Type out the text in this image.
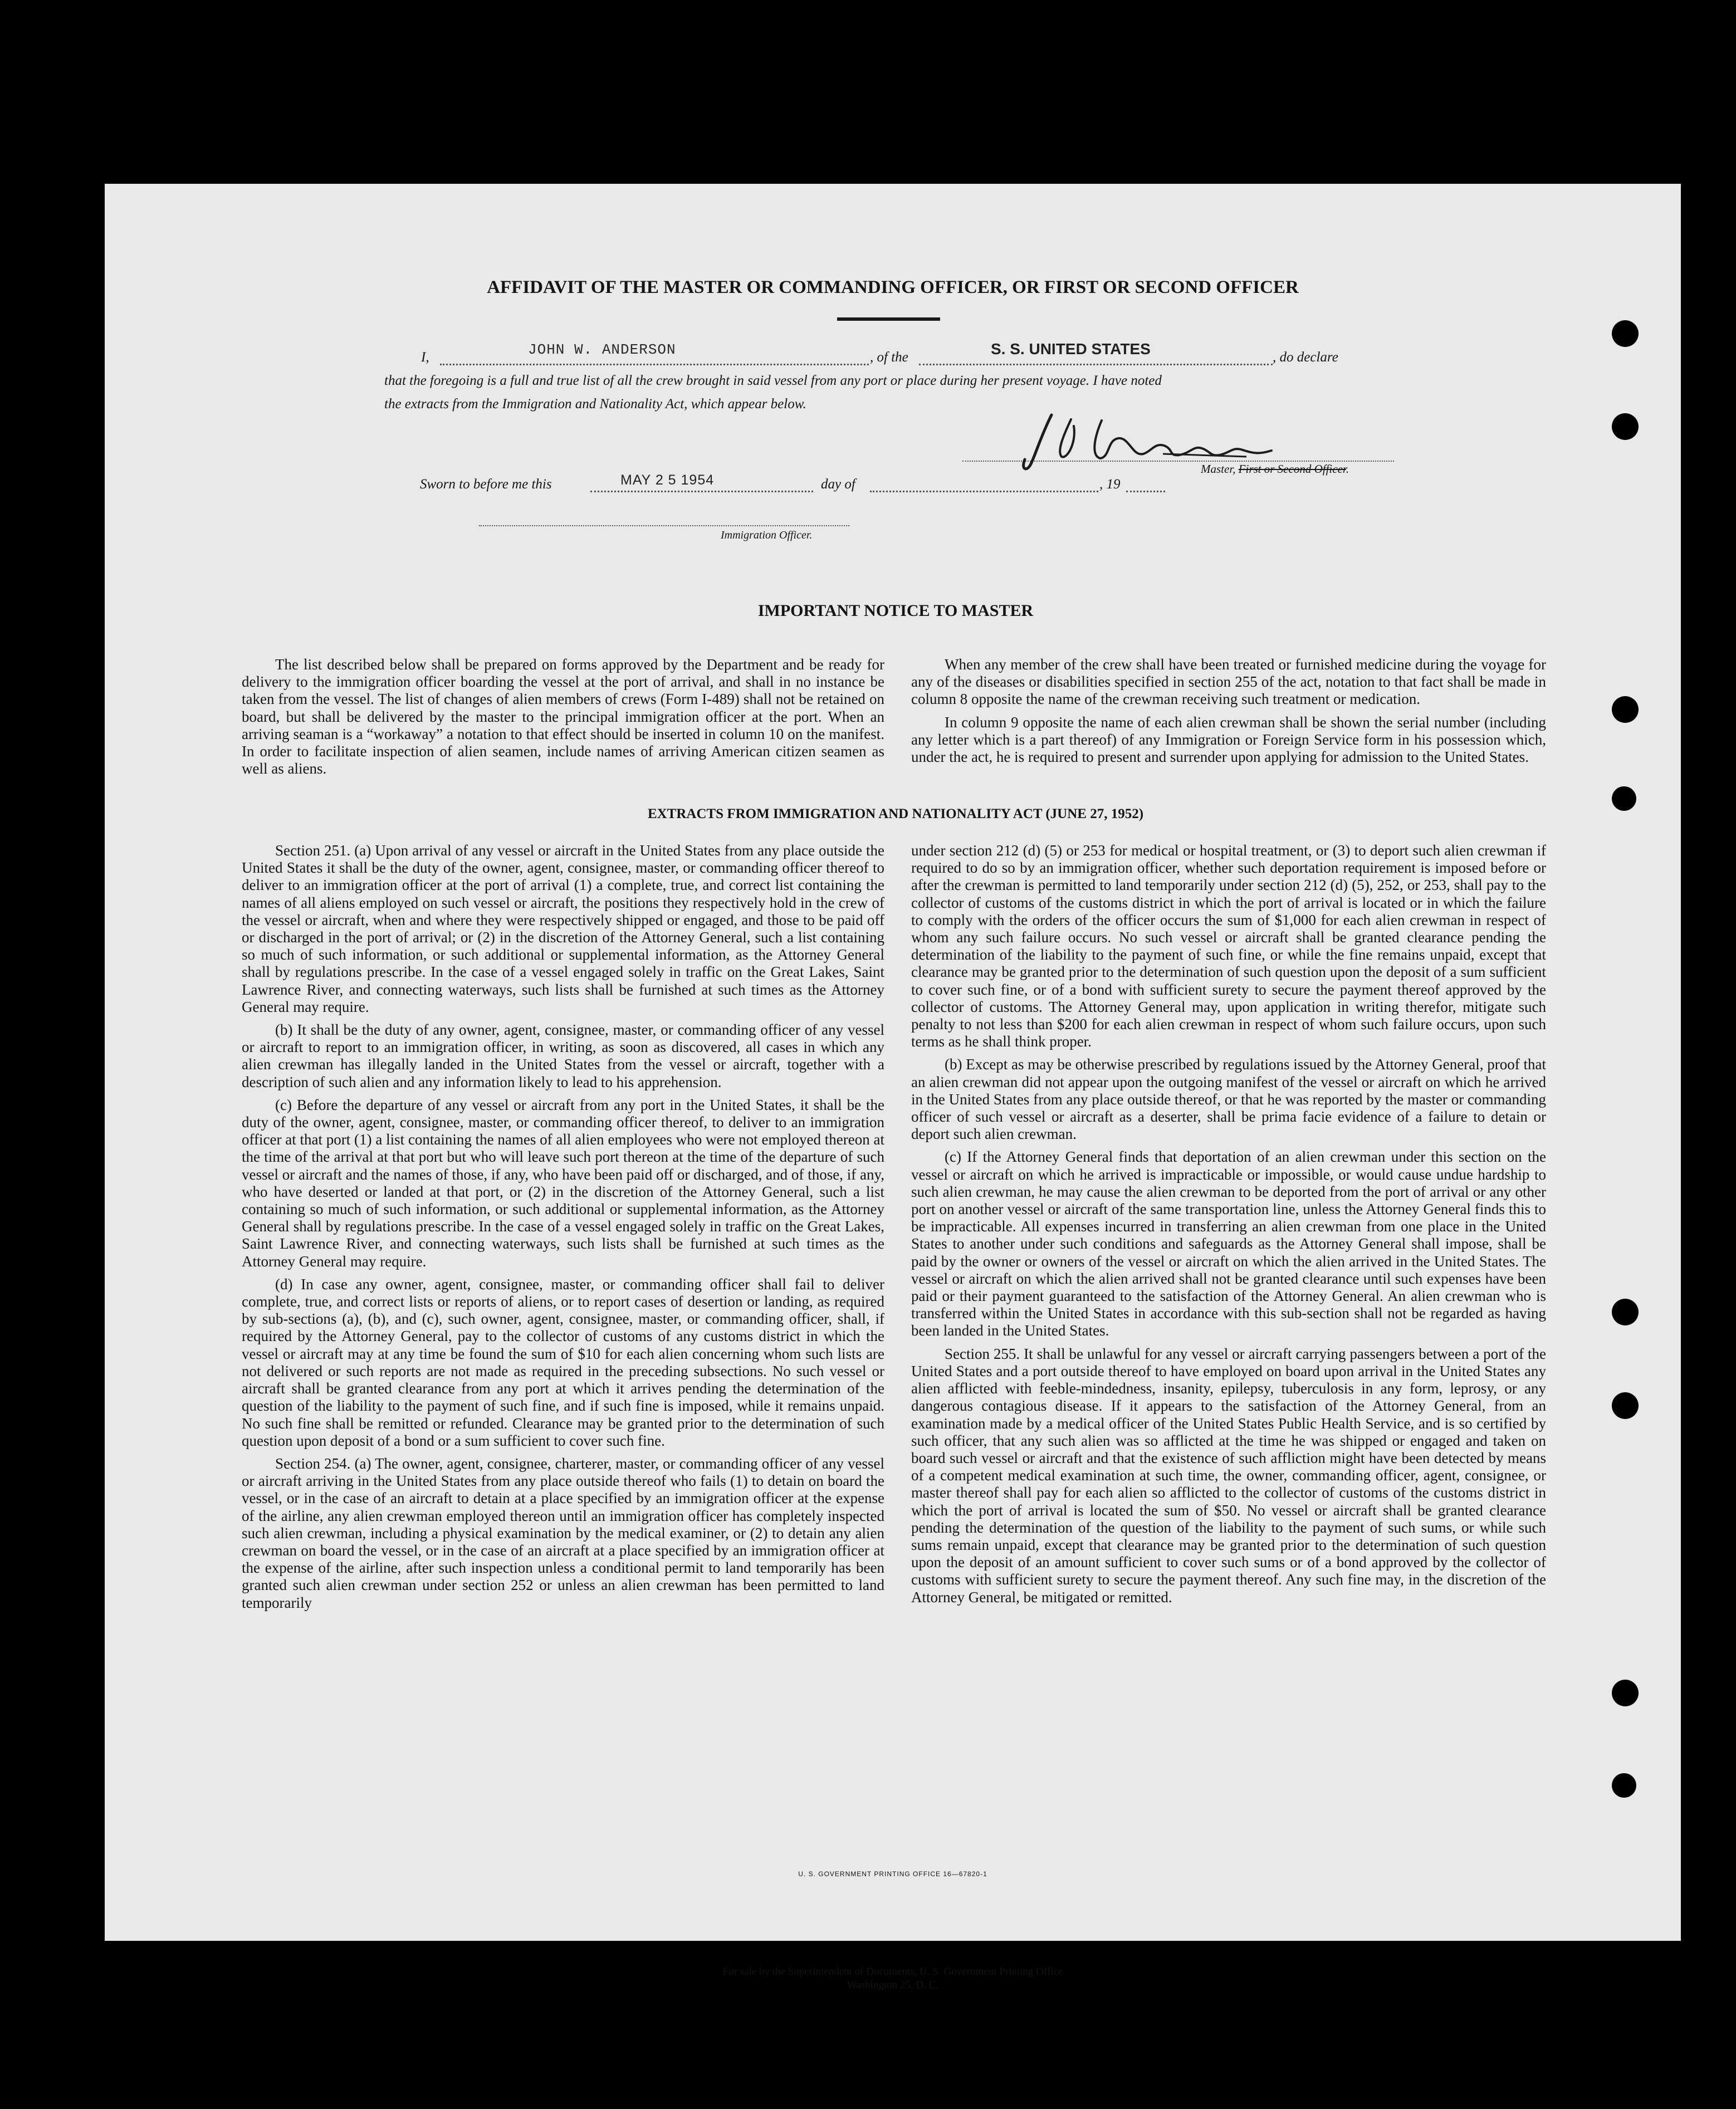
AFFIDAVIT OF THE MASTER OR COMMANDING OFFICER, OR FIRST OR SECOND OFFICER
I,	JOHN W. ANDERSON	, of the	S. S. UNITED STATES	, do declare
that the foregoing is a full and true list of all the crew brought in said vessel from any port or place during her present voyage. I have noted
the extracts from the Immigration and Nationality Act, which appear below.
Master, First or Second Officer.
Sworn to before me this	MAY 2 5 1954	day of	, 19
Immigration Officer.
IMPORTANT NOTICE TO MASTER

The list described below shall be prepared on forms approved by the Department and be ready for delivery to the immigration officer boarding the vessel at the port of arrival, and shall in no instance be taken from the vessel. The list of changes of alien members of crews (Form I-489) shall not be retained on board, but shall be delivered by the master to the principal immigration officer at the port. When an arriving seaman is a “workaway” a notation to that effect should be inserted in column 10 on the manifest. In order to facilitate inspection of alien seamen, include names of arriving American citizen seamen as well as aliens.

When any member of the crew shall have been treated or furnished medicine during the voyage for any of the diseases or disabilities specified in section 255 of the act, notation to that fact shall be made in column 8 opposite the name of the crewman receiving such treatment or medication.

In column 9 opposite the name of each alien crewman shall be shown the serial number (including any letter which is a part thereof) of any Immigration or Foreign Service form in his possession which, under the act, he is required to present and surrender upon applying for admission to the United States.

EXTRACTS FROM IMMIGRATION AND NATIONALITY ACT (JUNE 27, 1952)

Section 251. (a) Upon arrival of any vessel or aircraft in the United States from any place outside the United States it shall be the duty of the owner, agent, consignee, master, or commanding officer thereof to deliver to an immigration officer at the port of arrival (1) a complete, true, and correct list containing the names of all aliens employed on such vessel or aircraft, the positions they respectively hold in the crew of the vessel or aircraft, when and where they were respectively shipped or engaged, and those to be paid off or discharged in the port of arrival; or (2) in the discretion of the Attorney General, such a list containing so much of such information, or such additional or supplemental information, as the Attorney General shall by regulations prescribe. In the case of a vessel engaged solely in traffic on the Great Lakes, Saint Lawrence River, and connecting waterways, such lists shall be furnished at such times as the Attorney General may require.

(b) It shall be the duty of any owner, agent, consignee, master, or commanding officer of any vessel or aircraft to report to an immigration officer, in writing, as soon as discovered, all cases in which any alien crewman has illegally landed in the United States from the vessel or aircraft, together with a description of such alien and any information likely to lead to his apprehension.

(c) Before the departure of any vessel or aircraft from any port in the United States, it shall be the duty of the owner, agent, consignee, master, or commanding officer thereof, to deliver to an immigration officer at that port (1) a list containing the names of all alien employees who were not employed thereon at the time of the arrival at that port but who will leave such port thereon at the time of the departure of such vessel or aircraft and the names of those, if any, who have been paid off or discharged, and of those, if any, who have deserted or landed at that port, or (2) in the discretion of the Attorney General, such a list containing so much of such information, or such additional or supplemental information, as the Attorney General shall by regulations prescribe. In the case of a vessel engaged solely in traffic on the Great Lakes, Saint Lawrence River, and connecting waterways, such lists shall be furnished at such times as the Attorney General may require.

(d) In case any owner, agent, consignee, master, or commanding officer shall fail to deliver complete, true, and correct lists or reports of aliens, or to report cases of desertion or landing, as required by sub-sections (a), (b), and (c), such owner, agent, consignee, master, or commanding officer, shall, if required by the Attorney General, pay to the collector of customs of any customs district in which the vessel or aircraft may at any time be found the sum of $10 for each alien concerning whom such lists are not delivered or such reports are not made as required in the preceding subsections. No such vessel or aircraft shall be granted clearance from any port at which it arrives pending the determination of the question of the liability to the payment of such fine, and if such fine is imposed, while it remains unpaid. No such fine shall be remitted or refunded. Clearance may be granted prior to the determination of such question upon deposit of a bond or a sum sufficient to cover such fine.

Section 254. (a) The owner, agent, consignee, charterer, master, or commanding officer of any vessel or aircraft arriving in the United States from any place outside thereof who fails (1) to detain on board the vessel, or in the case of an aircraft to detain at a place specified by an immigration officer at the expense of the airline, any alien crewman employed thereon until an immigration officer has completely inspected such alien crewman, including a physical examination by the medical examiner, or (2) to detain any alien crewman on board the vessel, or in the case of an aircraft at a place specified by an immigration officer at the expense of the airline, after such inspection unless a conditional permit to land temporarily has been granted such alien crewman under section 252 or unless an alien crewman has been permitted to land temporarily

under section 212 (d) (5) or 253 for medical or hospital treatment, or (3) to deport such alien crewman if required to do so by an immigration officer, whether such deportation requirement is imposed before or after the crewman is permitted to land temporarily under section 212 (d) (5), 252, or 253, shall pay to the collector of customs of the customs district in which the port of arrival is located or in which the failure to comply with the orders of the officer occurs the sum of $1,000 for each alien crewman in respect of whom any such failure occurs. No such vessel or aircraft shall be granted clearance pending the determination of the liability to the payment of such fine, or while the fine remains unpaid, except that clearance may be granted prior to the determination of such question upon the deposit of a sum sufficient to cover such fine, or of a bond with sufficient surety to secure the payment thereof approved by the collector of customs. The Attorney General may, upon application in writing therefor, mitigate such penalty to not less than $200 for each alien crewman in respect of whom such failure occurs, upon such terms as he shall think proper.

(b) Except as may be otherwise prescribed by regulations issued by the Attorney General, proof that an alien crewman did not appear upon the outgoing manifest of the vessel or aircraft on which he arrived in the United States from any place outside thereof, or that he was reported by the master or commanding officer of such vessel or aircraft as a deserter, shall be prima facie evidence of a failure to detain or deport such alien crewman.

(c) If the Attorney General finds that deportation of an alien crewman under this section on the vessel or aircraft on which he arrived is impracticable or impossible, or would cause undue hardship to such alien crewman, he may cause the alien crewman to be deported from the port of arrival or any other port on another vessel or aircraft of the same transportation line, unless the Attorney General finds this to be impracticable. All expenses incurred in transferring an alien crewman from one place in the United States to another under such conditions and safeguards as the Attorney General shall impose, shall be paid by the owner or owners of the vessel or aircraft on which the alien arrived in the United States. The vessel or aircraft on which the alien arrived shall not be granted clearance until such expenses have been paid or their payment guaranteed to the satisfaction of the Attorney General. An alien crewman who is transferred within the United States in accordance with this sub-section shall not be regarded as having been landed in the United States.

Section 255. It shall be unlawful for any vessel or aircraft carrying passengers between a port of the United States and a port outside thereof to have employed on board upon arrival in the United States any alien afflicted with feeble-mindedness, insanity, epilepsy, tuberculosis in any form, leprosy, or any dangerous contagious disease. If it appears to the satisfaction of the Attorney General, from an examination made by a medical officer of the United States Public Health Service, and is so certified by such officer, that any such alien was so afflicted at the time he was shipped or engaged and taken on board such vessel or aircraft and that the existence of such affliction might have been detected by means of a competent medical examination at such time, the owner, commanding officer, agent, consignee, or master thereof shall pay for each alien so afflicted to the collector of customs of the customs district in which the port of arrival is located the sum of $50. No vessel or aircraft shall be granted clearance pending the determination of the question of the liability to the payment of such sums, or while such sums remain unpaid, except that clearance may be granted prior to the determination of such question upon the deposit of an amount sufficient to cover such sums or of a bond approved by the collector of customs with sufficient surety to secure the payment thereof. Any such fine may, in the discretion of the Attorney General, be mitigated or remitted.

U. S. GOVERNMENT PRINTING OFFICE 16—67820-1
For sale by the Superintendent of Documents, U. S. Government Printing Office
Washington 25, D. C.
